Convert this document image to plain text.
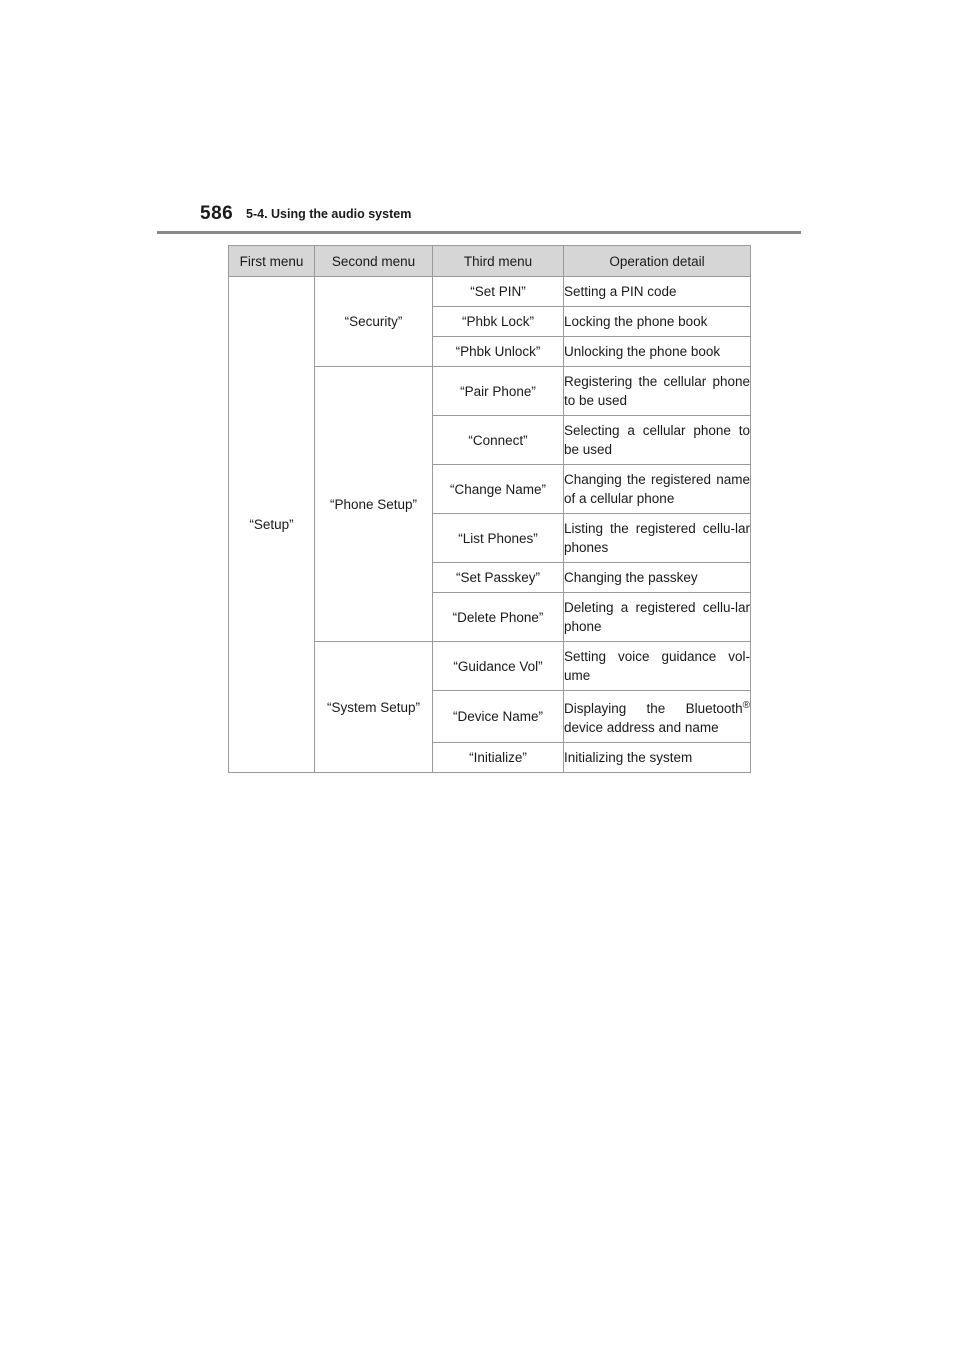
586 5-4. Using the audio system
First menu	Second menu	Third menu	Operation detail
“Setup”	“Security”	“Set PIN”	Setting a PIN code
		“Phbk Lock”	Locking the phone book
		“Phbk Unlock”	Unlocking the phone book
	“Phone Setup”	“Pair Phone”	Registering the cellular phone to be used
		“Connect”	Selecting a cellular phone to be used
		“Change Name”	Changing the registered name of a cellular phone
		“List Phones”	Listing the registered cellu-lar phones
		“Set Passkey”	Changing the passkey
		“Delete Phone”	Deleting a registered cellu-lar phone
	“System Setup”	“Guidance Vol”	Setting voice guidance vol-ume
		“Device Name”	Displaying the Bluetooth® device address and name
		“Initialize”	Initializing the system
